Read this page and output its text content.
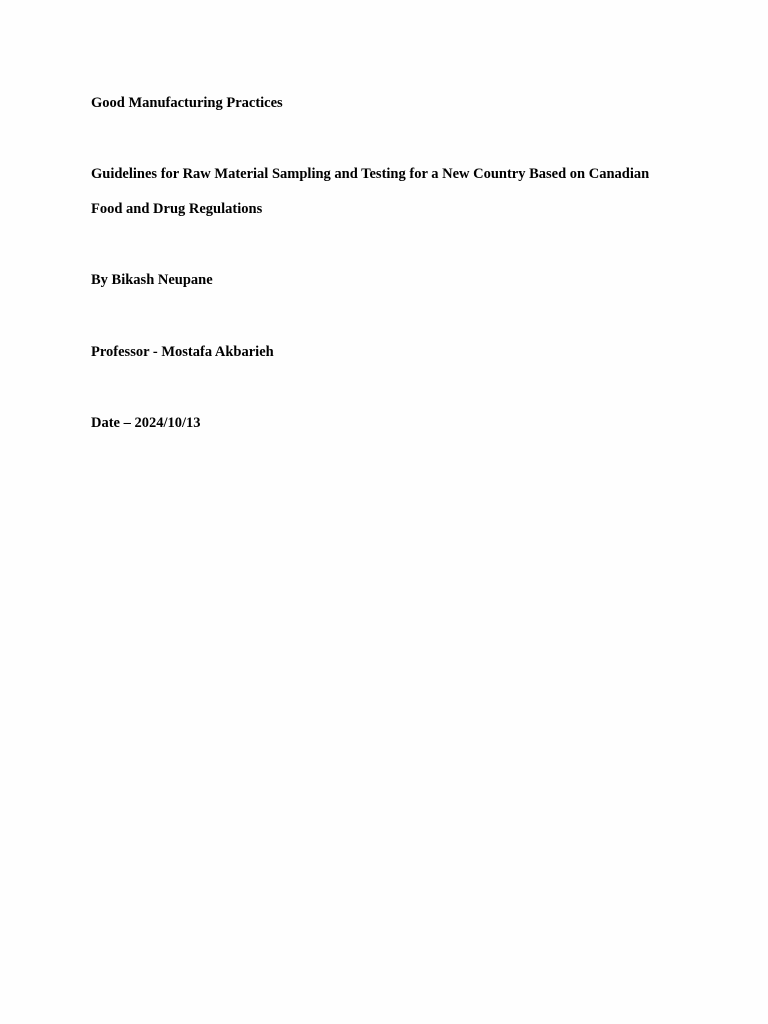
Good Manufacturing Practices
Guidelines for Raw Material Sampling and Testing for a New Country Based on Canadian
Food and Drug Regulations
By Bikash Neupane
Professor - Mostafa Akbarieh
Date – 2024/10/13
